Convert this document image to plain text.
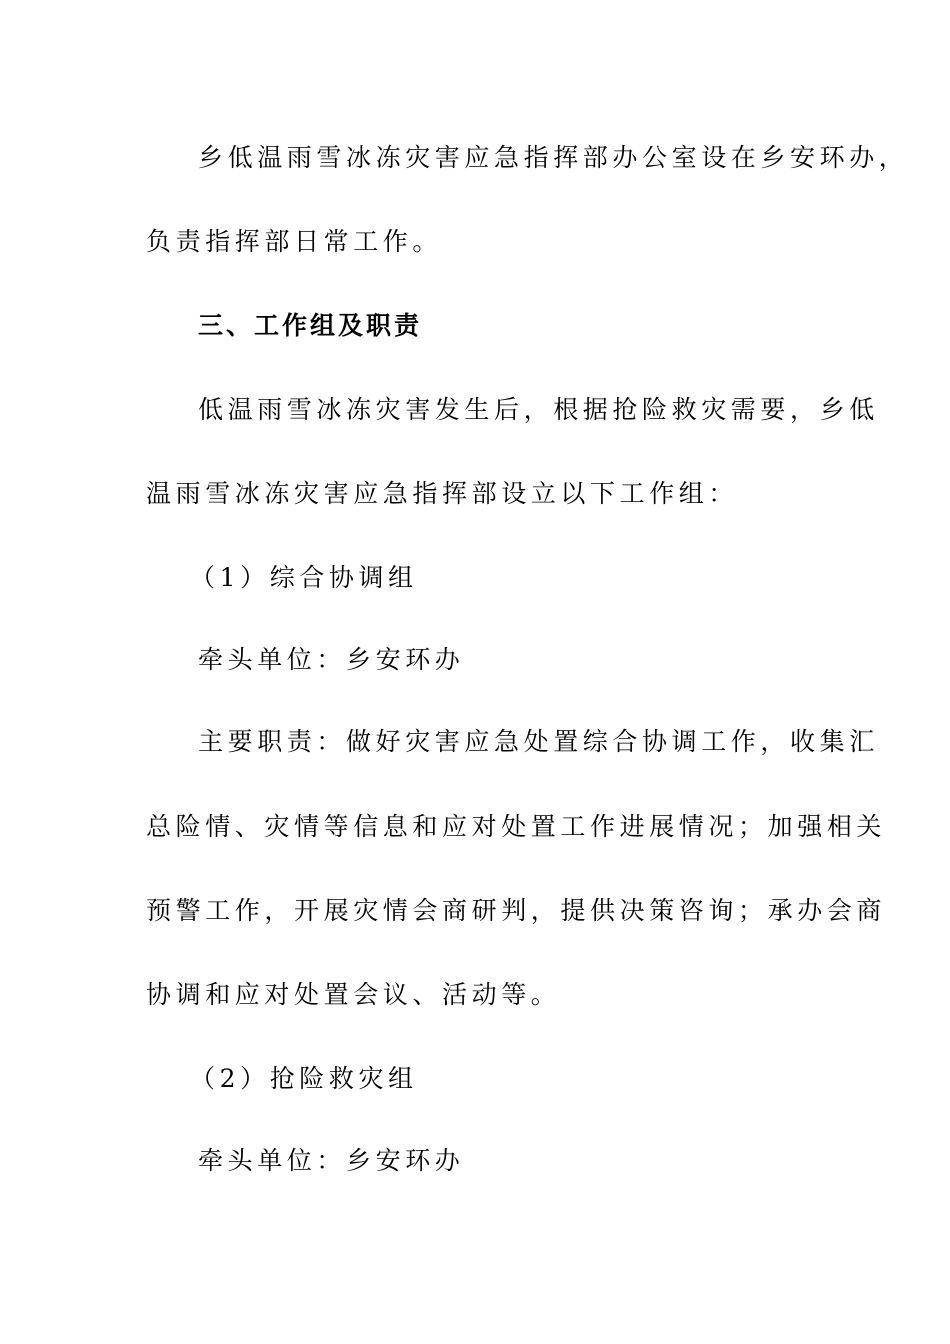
乡低温雨雪冰冻灾害应急指挥部办公室设在乡安环办，

负责指挥部日常工作。

三、工作组及职责

低温雨雪冰冻灾害发生后，根据抢险救灾需要，乡低

温雨雪冰冻灾害应急指挥部设立以下工作组：

（1）综合协调组

牵头单位：乡安环办

主要职责：做好灾害应急处置综合协调工作，收集汇

总险情、灾情等信息和应对处置工作进展情况；加强相关

预警工作，开展灾情会商研判，提供决策咨询；承办会商

协调和应对处置会议、活动等。

（2）抢险救灾组

牵头单位：乡安环办
